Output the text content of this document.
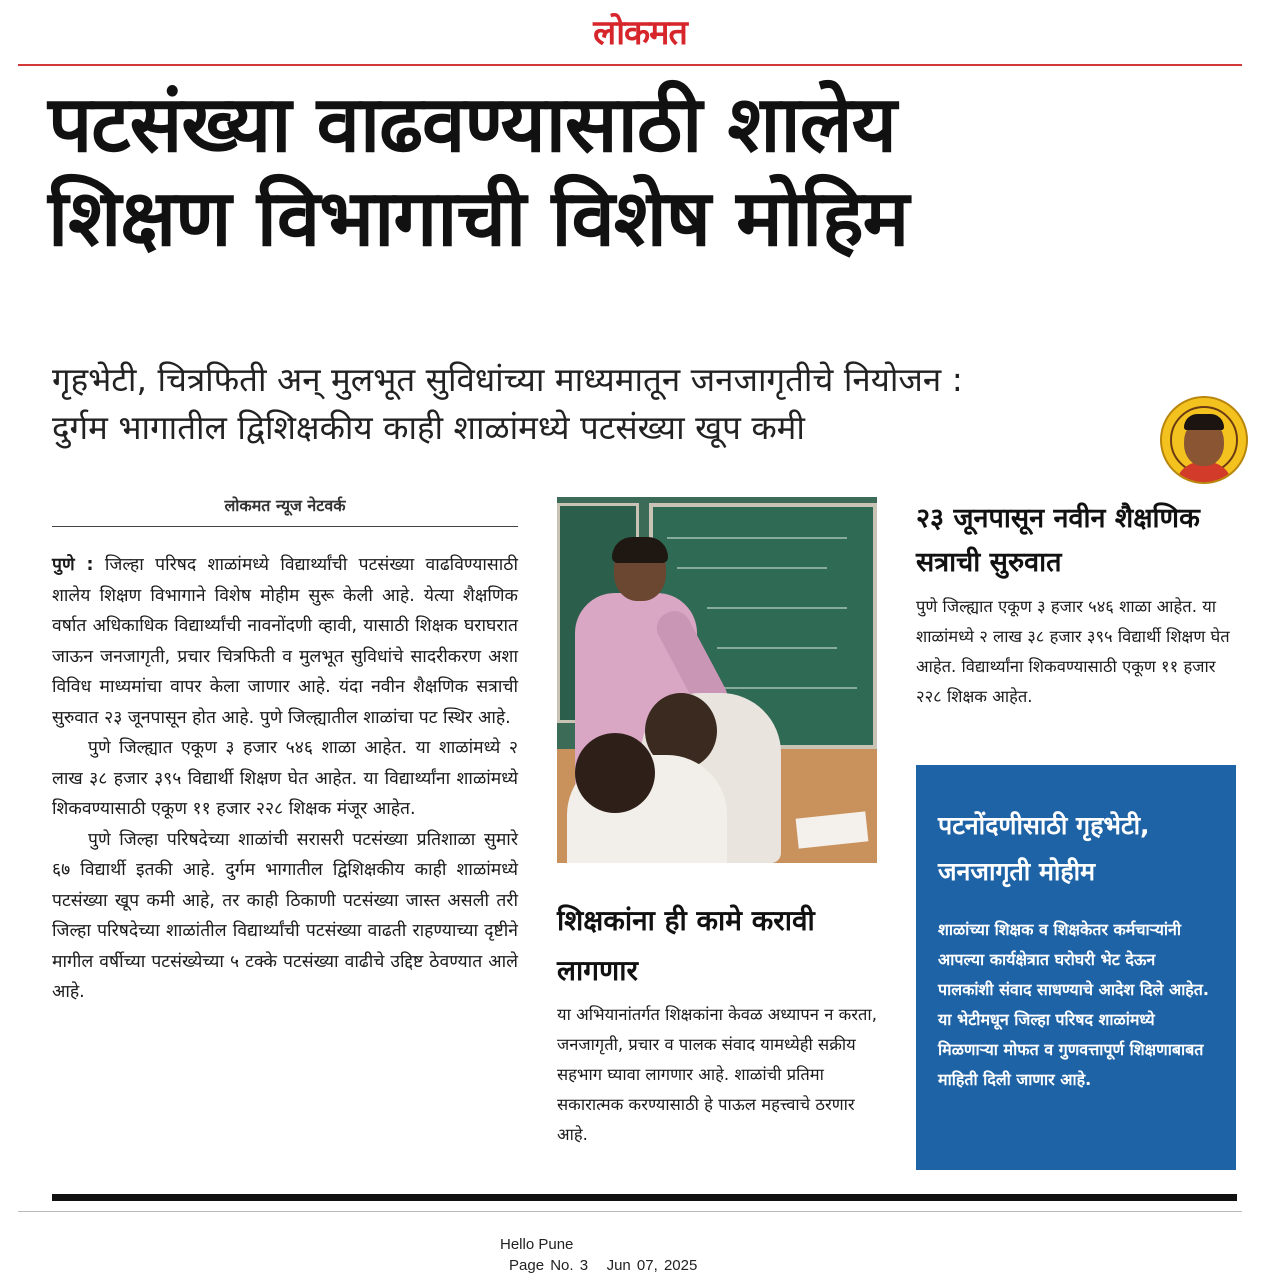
लोकमत
पटसंख्या वाढवण्यासाठी शालेय
शिक्षण विभागाची विशेष मोहिम
गृहभेटी, चित्रफिती अन् मुलभूत सुविधांच्या माध्यमातून जनजागृतीचे नियोजन :
दुर्गम भागातील द्विशिक्षकीय काही शाळांमध्ये पटसंख्या खूप कमी
लोकमत न्यूज नेटवर्क

पुणे : जिल्हा परिषद शाळांमध्ये विद्यार्थ्यांची पटसंख्या वाढविण्यासाठी शालेय शिक्षण विभागाने विशेष मोहीम सुरू केली आहे. येत्या शैक्षणिक वर्षात अधिकाधिक विद्यार्थ्यांची नावनोंदणी व्हावी, यासाठी शिक्षक घराघरात जाऊन जनजागृती, प्रचार चित्रफिती व मुलभूत सुविधांचे सादरीकरण अशा विविध माध्यमांचा वापर केला जाणार आहे. यंदा नवीन शैक्षणिक सत्राची सुरुवात २३ जूनपासून होत आहे. पुणे जिल्ह्यातील शाळांचा पट स्थिर आहे.

पुणे जिल्ह्यात एकूण ३ हजार ५४६ शाळा आहेत. या शाळांमध्ये २ लाख ३८ हजार ३९५ विद्यार्थी शिक्षण घेत आहेत. या विद्यार्थ्यांना शाळांमध्ये शिकवण्यासाठी एकूण ११ हजार २२८ शिक्षक मंजूर आहेत.

पुणे जिल्हा परिषदेच्या शाळांची सरासरी पटसंख्या प्रतिशाळा सुमारे ६७ विद्यार्थी इतकी आहे. दुर्गम भागातील द्विशिक्षकीय काही शाळांमध्ये पटसंख्या खूप कमी आहे, तर काही ठिकाणी पटसंख्या जास्त असली तरी जिल्हा परिषदेच्या शाळांतील विद्यार्थ्यांची पटसंख्या वाढती राहण्याच्या दृष्टीने मागील वर्षीच्या पटसंख्येच्या ५ टक्के पटसंख्या वाढीचे उद्दिष्ट ठेवण्यात आले आहे.

शिक्षकांना ही कामे करावी लागणार
या अभियानांतर्गत शिक्षकांना केवळ अध्यापन न करता, जनजागृती, प्रचार व पालक संवाद यामध्येही सक्रीय सहभाग घ्यावा लागणार आहे. शाळांची प्रतिमा सकारात्मक करण्यासाठी हे पाऊल महत्त्वाचे ठरणार आहे.
२३ जूनपासून नवीन शैक्षणिक सत्राची सुरुवात
पुणे जिल्ह्यात एकूण ३ हजार ५४६ शाळा आहेत. या शाळांमध्ये २ लाख ३८ हजार ३९५ विद्यार्थी शिक्षण घेत आहेत. विद्यार्थ्यांना शिकवण्यासाठी एकूण ११ हजार २२८ शिक्षक आहेत.
पटनोंदणीसाठी गृहभेटी, जनजागृती मोहीम
शाळांच्या शिक्षक व शिक्षकेतर कर्मचाऱ्यांनी आपल्या कार्यक्षेत्रात घरोघरी भेट देऊन पालकांशी संवाद साधण्याचे आदेश दिले आहेत. या भेटीमधून जिल्हा परिषद शाळांमध्ये मिळणाऱ्या मोफत व गुणवत्तापूर्ण शिक्षणाबाबत माहिती दिली जाणार आहे.
Hello Pune
Page No. 3 Jun 07, 2025
